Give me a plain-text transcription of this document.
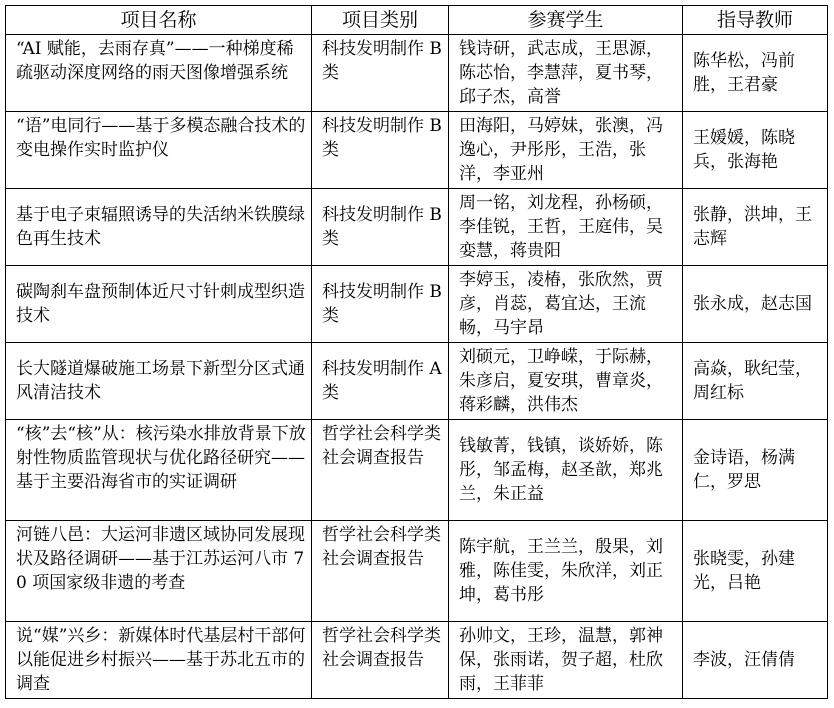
项目名称	项目类别	参赛学生	指导教师
“AI 赋能，去雨存真”——一种梯度稀疏驱动深度网络的雨天图像增强系统	科技发明制作 B 类	钱诗研，武志成，王思源，陈芯怡，李慧萍，夏书琴，邱子杰，高誉	陈华松，冯前胜，王君豪
“语”电同行——基于多模态融合技术的变电操作实时监护仪	科技发明制作 B 类	田海阳，马婷妹，张澳，冯逸心，尹彤彤，王浩，张洋，李亚州	王媛媛，陈晓兵，张海艳
基于电子束辐照诱导的失活纳米铁膜绿色再生技术	科技发明制作 B 类	周一铭，刘龙程，孙杨硕，李佳锐，王哲，王庭伟，吴娈慧，蒋贵阳	张静，洪坤，王志辉
碳陶刹车盘预制体近尺寸针刺成型织造技术	科技发明制作 B 类	李婷玉，凌椿，张欣然，贾彦，肖蕊，葛宜达，王流畅，马宇昂	张永成，赵志国
长大隧道爆破施工场景下新型分区式通风清洁技术	科技发明制作 A 类	刘硕元，卫峥嵘，于际赫，朱彦启，夏安琪，曹章炎，蒋彩麟，洪伟杰	高焱，耿纪莹，周红标
“核”去“核”从：核污染水排放背景下放射性物质监管现状与优化路径研究——基于主要沿海省市的实证调研	哲学社会科学类社会调查报告	钱敏菁，钱镇，谈娇娇，陈彤，邹孟梅，赵圣歆，郑兆兰，朱正益	金诗语，杨满仁，罗思
河链八邑：大运河非遗区域协同发展现状及路径调研——基于江苏运河八市 70 项国家级非遗的考查	哲学社会科学类社会调查报告	陈宇航，王兰兰，殷果，刘雅，陈佳雯，朱欣洋，刘正坤，葛书彤	张晓雯，孙建光，吕艳
说“媒”兴乡：新媒体时代基层村干部何以能促进乡村振兴——基于苏北五市的调查	哲学社会科学类社会调查报告	孙帅文，王珍，温慧，郭神保，张雨诺，贺子超，杜欣雨，王菲菲	李波，汪倩倩
